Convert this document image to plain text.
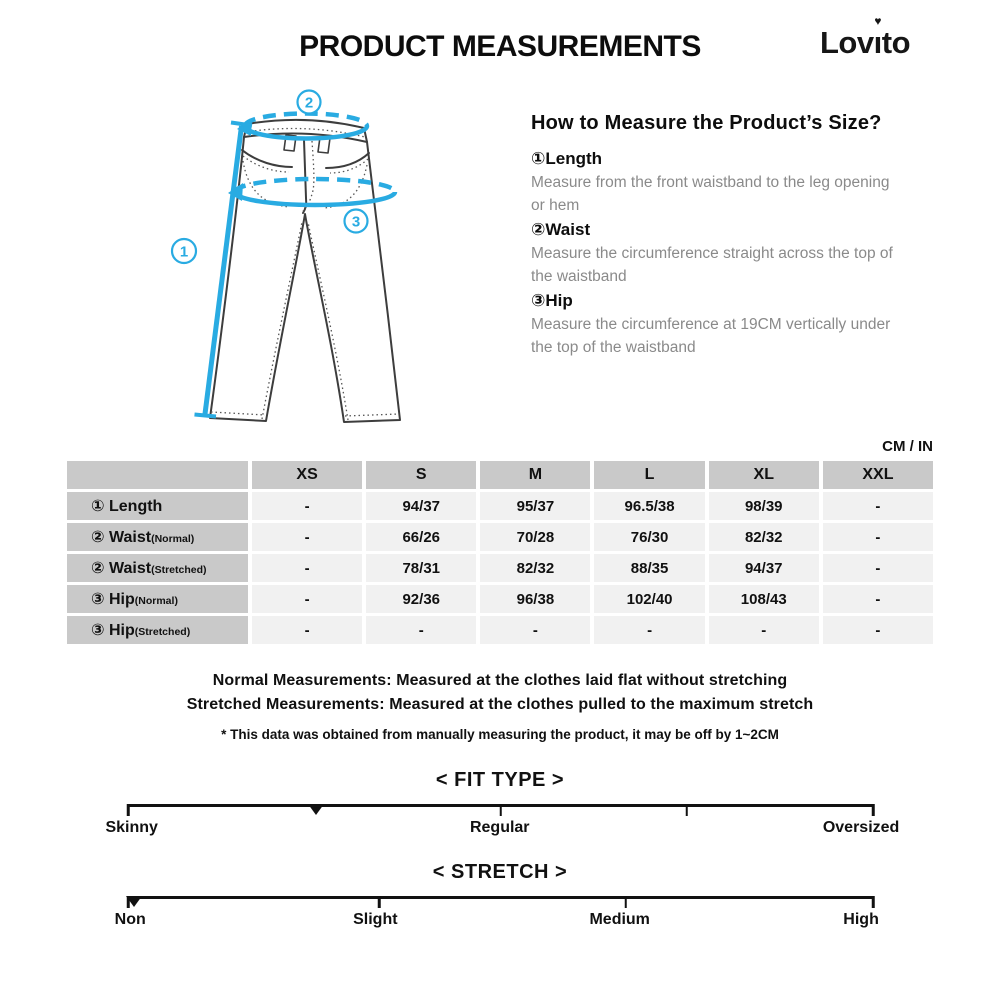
PRODUCT MEASUREMENTS	Lovı
♥
to
1
2
3
How to Measure the Product’s Size?
①Length
Measure from the front waistband to the leg opening or hem
②Waist
Measure the circumference straight across the top of the waistband
③Hip
Measure the circumference at 19CM vertically under the top of the waistband
CM / IN
XS	S	M	L	XL	XXL
① Length	-	94/37	95/37	96.5/38	98/39	-
② Waist (Normal)	-	66/26	70/28	76/30	82/32	-
② Waist (Stretched)	-	78/31	82/32	88/35	94/37	-
③ Hip (Normal)	-	92/36	96/38	102/40	108/43	-
③ Hip (Stretched)	-	-	-	-	-	-
Normal Measurements: Measured at the clothes laid flat without stretching
Stretched Measurements: Measured at the clothes pulled to the maximum stretch
* This data was obtained from manually measuring the product, it may be off by 1~2CM
< FIT TYPE >
Skinny	Regular	Oversized
< STRETCH >
Non	Slight	Medium	High
